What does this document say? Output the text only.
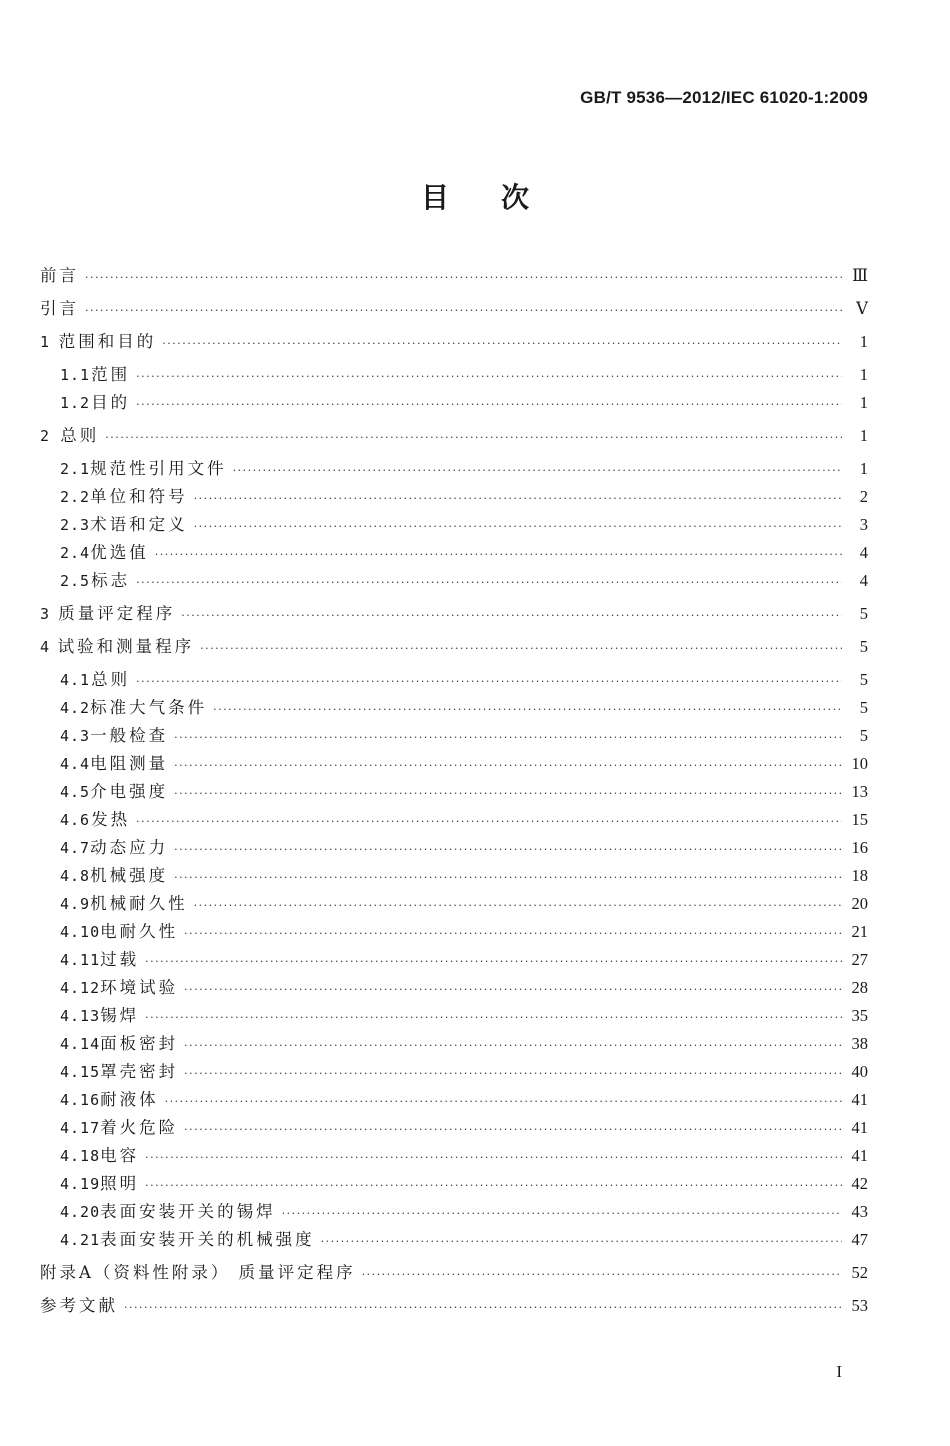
GB/T 9536—2012/IEC 61020-1:2009
目次
前言 ·····	Ⅲ
引言 ·····	Ⅴ
1 范围和目的 ·····	1
1.1 范围 ·····	1
1.2 目的 ·····	1
2 总则 ·····	1
2.1 规范性引用文件 ·····	1
2.2 单位和符号 ·····	2
2.3 术语和定义 ·····	3
2.4 优选值 ·····	4
2.5 标志 ·····	4
3 质量评定程序 ·····	5
4 试验和测量程序 ·····	5
4.1 总则 ·····	5
4.2 标准大气条件 ·····	5
4.3 一般检查 ·····	5
4.4 电阻测量 ·····	10
4.5 介电强度 ·····	13
4.6 发热 ·····	15
4.7 动态应力 ·····	16
4.8 机械强度 ·····	18
4.9 机械耐久性 ·····	20
4.10 电耐久性 ·····	21
4.11 过载 ·····	27
4.12 环境试验 ·····	28
4.13 锡焊 ·····	35
4.14 面板密封 ·····	38
4.15 罩壳密封 ·····	40
4.16 耐液体 ·····	41
4.17 着火危险 ·····	41
4.18 电容 ·····	41
4.19 照明 ·····	42
4.20 表面安装开关的锡焊 ·····	43
4.21 表面安装开关的机械强度 ·····	47
附录A（资料性附录） 质量评定程序 ·····	52
参考文献 ·····	53
I
